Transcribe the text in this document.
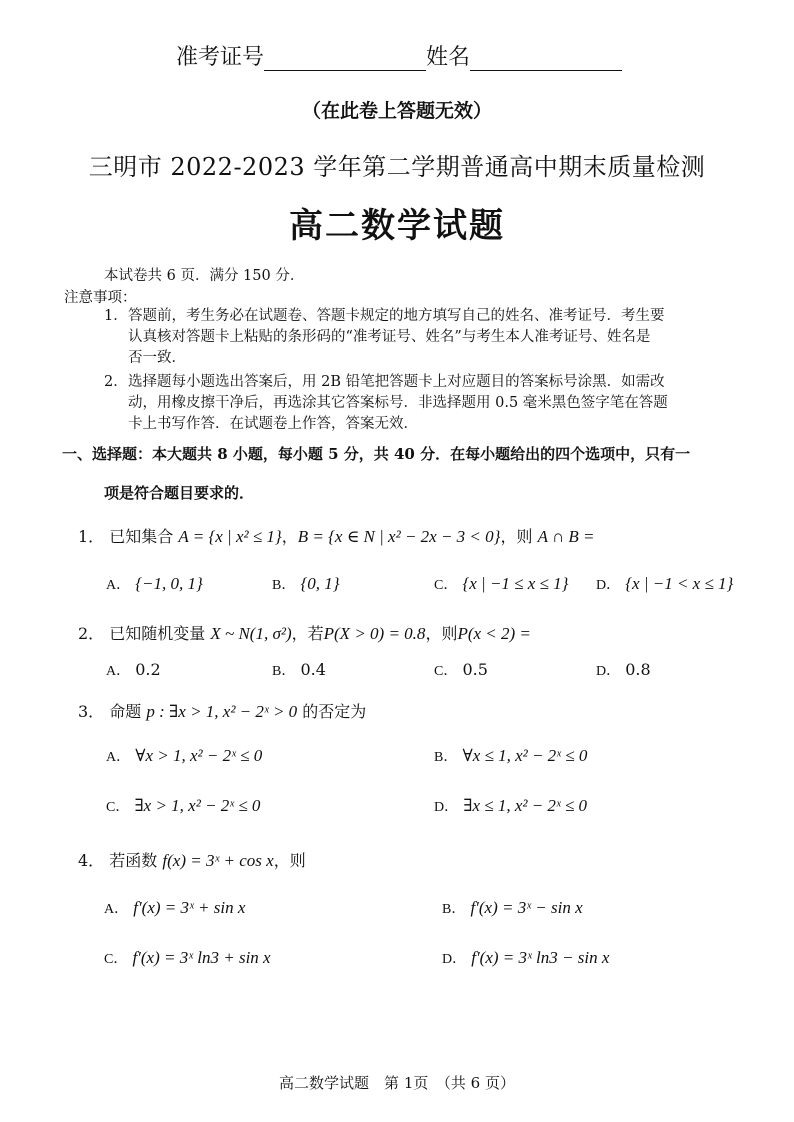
准考证号	姓名
（在此卷上答题无效）
三明市 2022-2023 学年第二学期普通高中期末质量检测
高二数学试题
本试卷共 6 页．满分 150 分．
注意事项：
1． 答题前，考生务必在试题卷、答题卡规定的地方填写自己的姓名、准考证号．考生要
认真核对答题卡上粘贴的条形码的“准考证号、姓名”与考生本人准考证号、姓名是
否一致．
2． 选择题每小题选出答案后，用 2B 铅笔把答题卡上对应题目的答案标号涂黑．如需改
动，用橡皮擦干净后，再选涂其它答案标号．非选择题用 0.5 毫米黑色签字笔在答题
卡上书写作答．在试题卷上作答，答案无效．
一、选择题：本大题共 8 小题，每小题 5 分，共 40 分．在每小题给出的四个选项中，只有一
项是符合题目要求的．
1． 已知集合 A = {x | x² ≤ 1}，B = {x ∈ N | x² − 2x − 3 < 0}，则 A ∩ B =
A． {−1, 0, 1}	B． {0, 1}	C． {x | −1 ≤ x ≤ 1} D． {x | −1 < x ≤ 1}
2． 已知随机变量 X ~ N(1, σ²)，若P(X > 0) = 0.8，则P(x < 2) =
A． 0.2	B． 0.4	C． 0.5	D． 0.8
3． 命题 p : ∃x > 1, x² − 2ˣ > 0 的否定为
A． ∀x > 1, x² − 2ˣ ≤ 0	B． ∀x ≤ 1, x² − 2ˣ ≤ 0
C． ∃x > 1, x² − 2ˣ ≤ 0	D． ∃x ≤ 1, x² − 2ˣ ≤ 0
4． 若函数 f(x) = 3ˣ + cos x，则
A． f′(x) = 3ˣ + sin x	B． f′(x) = 3ˣ − sin x
C． f′(x) = 3ˣ ln3 + sin x	D． f′(x) = 3ˣ ln3 − sin x
高二数学试题　第 1页　（共 6 页）
